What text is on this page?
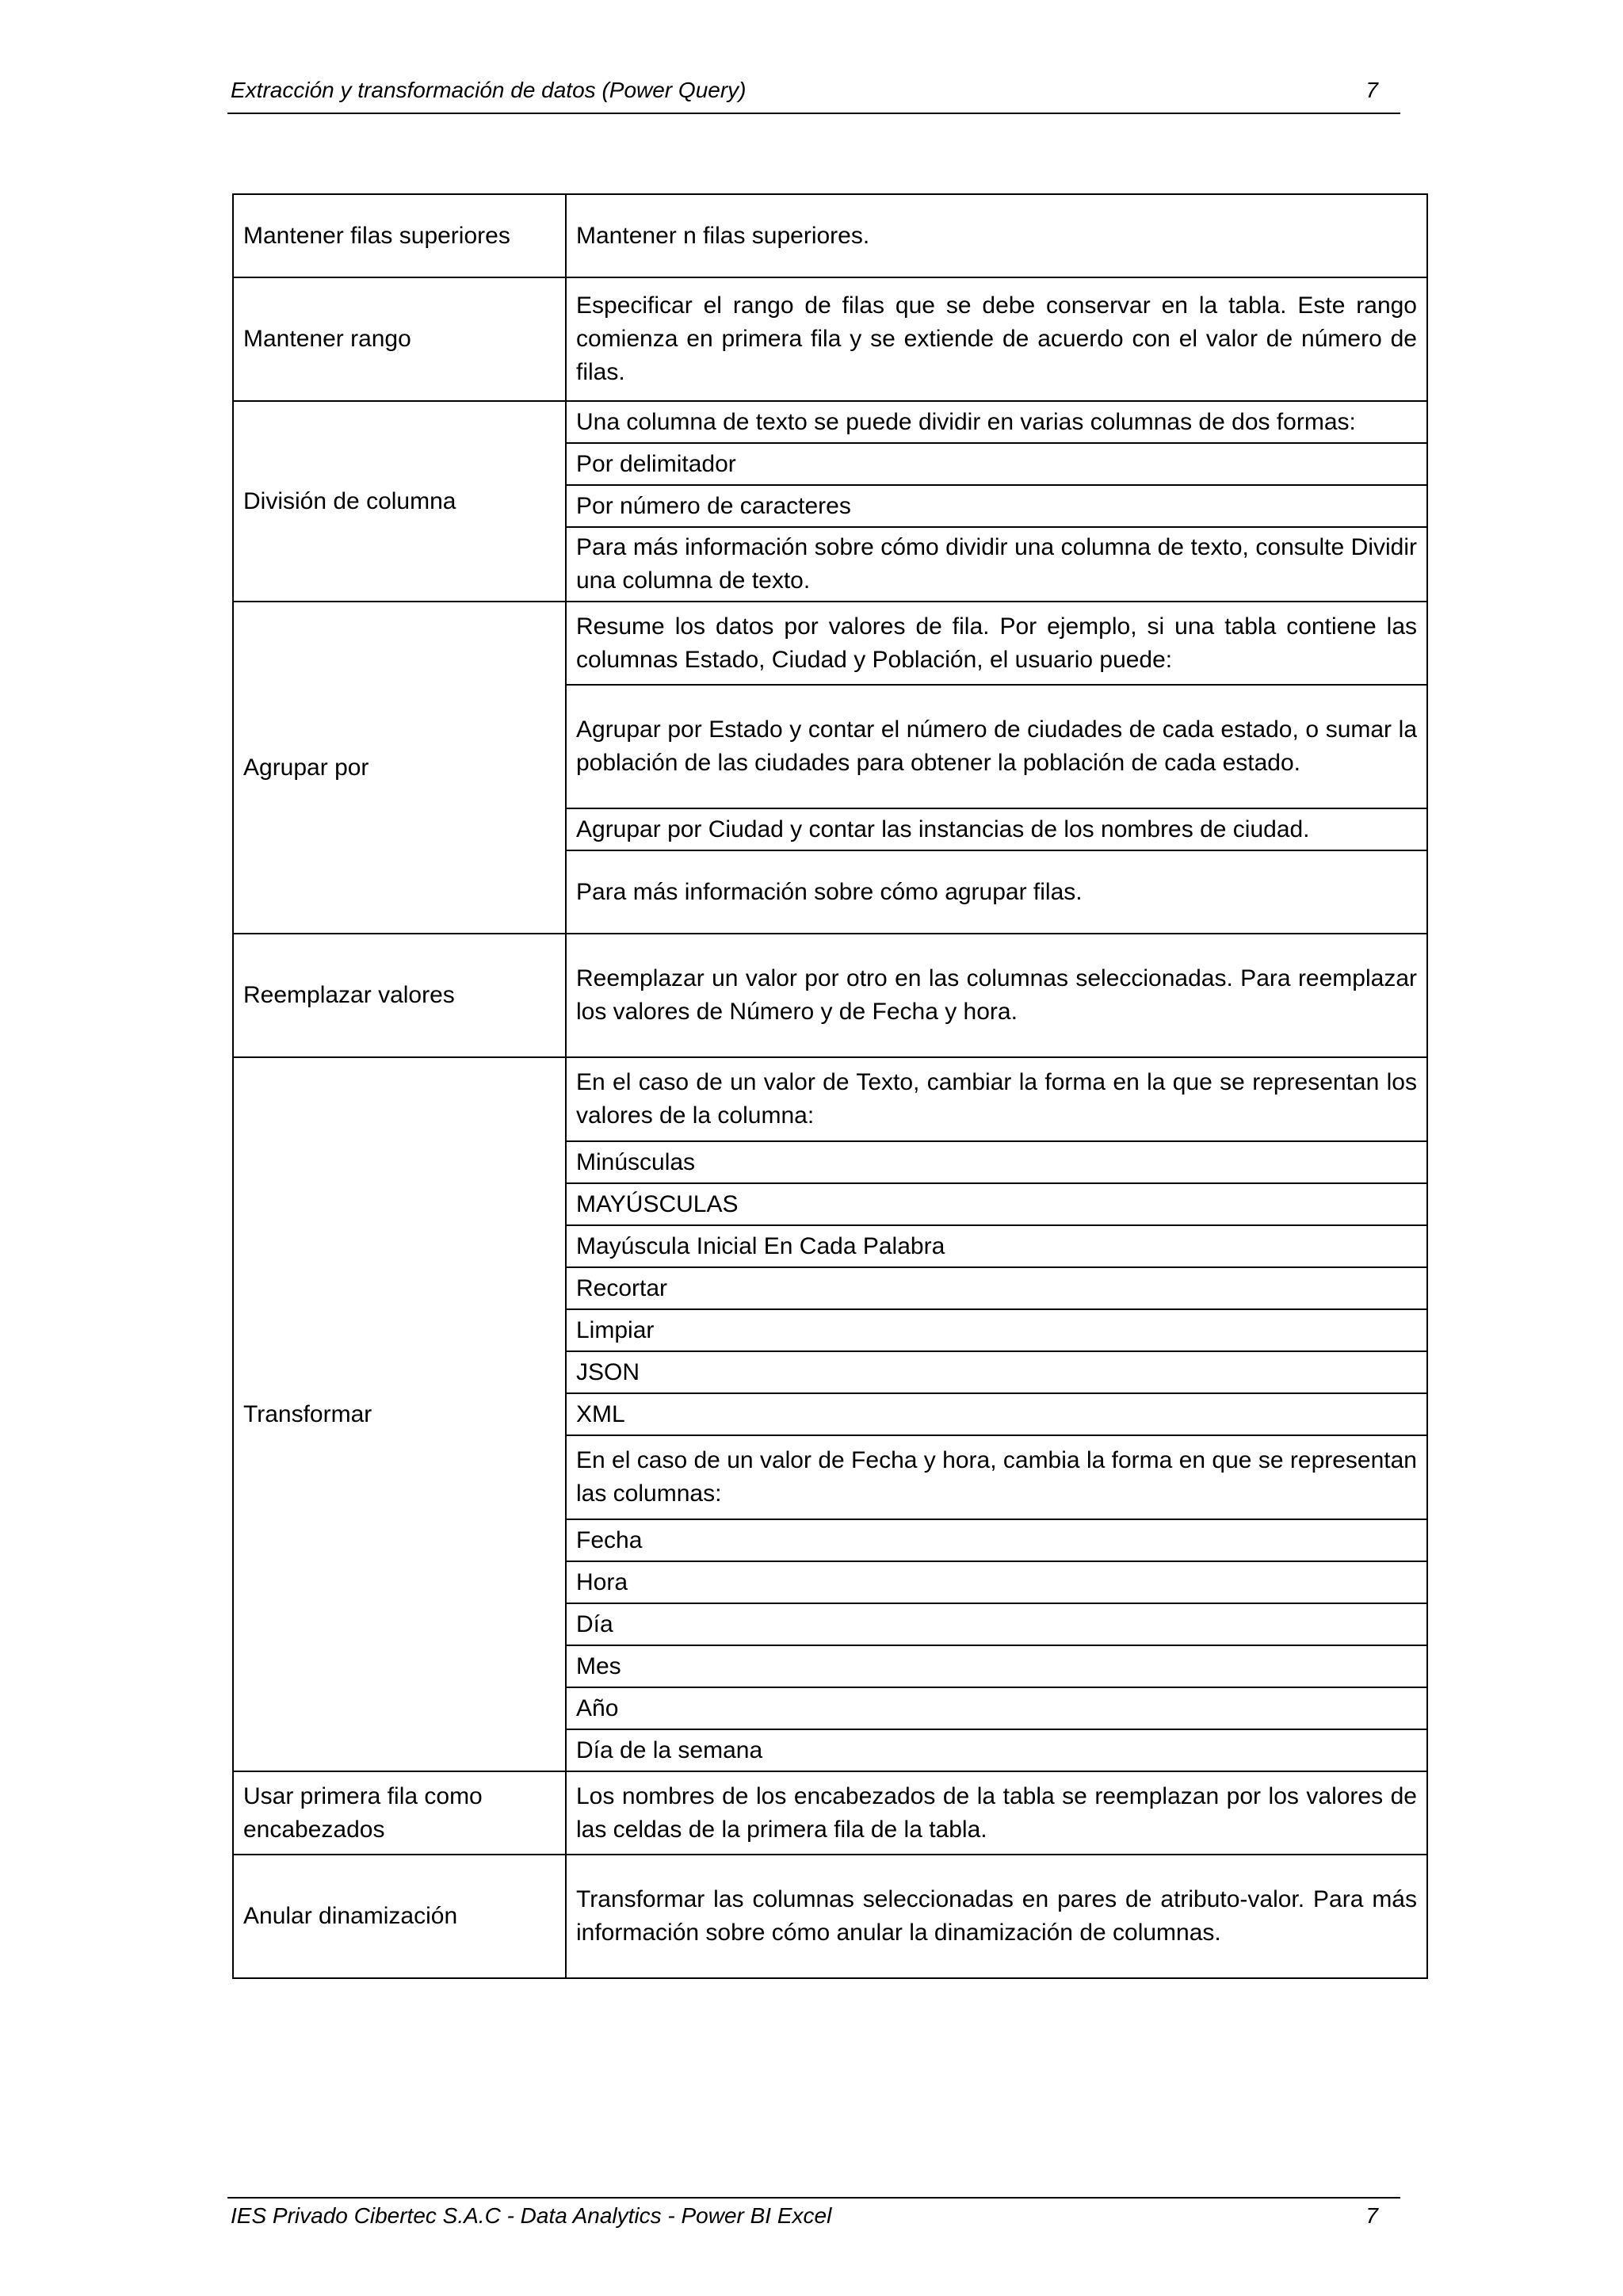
Extracción y transformación de datos (Power Query)	7
Mantener filas superiores	Mantener n filas superiores.
Mantener rango	Especificar el rango de filas que se debe conservar en la tabla. Este rango comienza en primera fila y se extiende de acuerdo con el valor de número de filas.
División de columna	Una columna de texto se puede dividir en varias columnas de dos formas:
	Por delimitador
	Por número de caracteres
	Para más información sobre cómo dividir una columna de texto, consulte Dividir una columna de texto.
Agrupar por	Resume los datos por valores de fila. Por ejemplo, si una tabla contiene las columnas Estado, Ciudad y Población, el usuario puede:
	Agrupar por Estado y contar el número de ciudades de cada estado, o sumar la población de las ciudades para obtener la población de cada estado.
	Agrupar por Ciudad y contar las instancias de los nombres de ciudad.
	Para más información sobre cómo agrupar filas.
Reemplazar valores	Reemplazar un valor por otro en las columnas seleccionadas. Para reemplazar los valores de Número y de Fecha y hora.
Transformar	En el caso de un valor de Texto, cambiar la forma en la que se representan los valores de la columna:
	Minúsculas
	MAYÚSCULAS
	Mayúscula Inicial En Cada Palabra
	Recortar
	Limpiar
	JSON
	XML
	En el caso de un valor de Fecha y hora, cambia la forma en que se representan las columnas:
	Fecha
	Hora
	Día
	Mes
	Año
	Día de la semana
Usar primera fila como encabezados	Los nombres de los encabezados de la tabla se reemplazan por los valores de las celdas de la primera fila de la tabla.
Anular dinamización	Transformar las columnas seleccionadas en pares de atributo-valor. Para más información sobre cómo anular la dinamización de columnas.
IES Privado Cibertec S.A.C - Data Analytics - Power BI Excel	7
